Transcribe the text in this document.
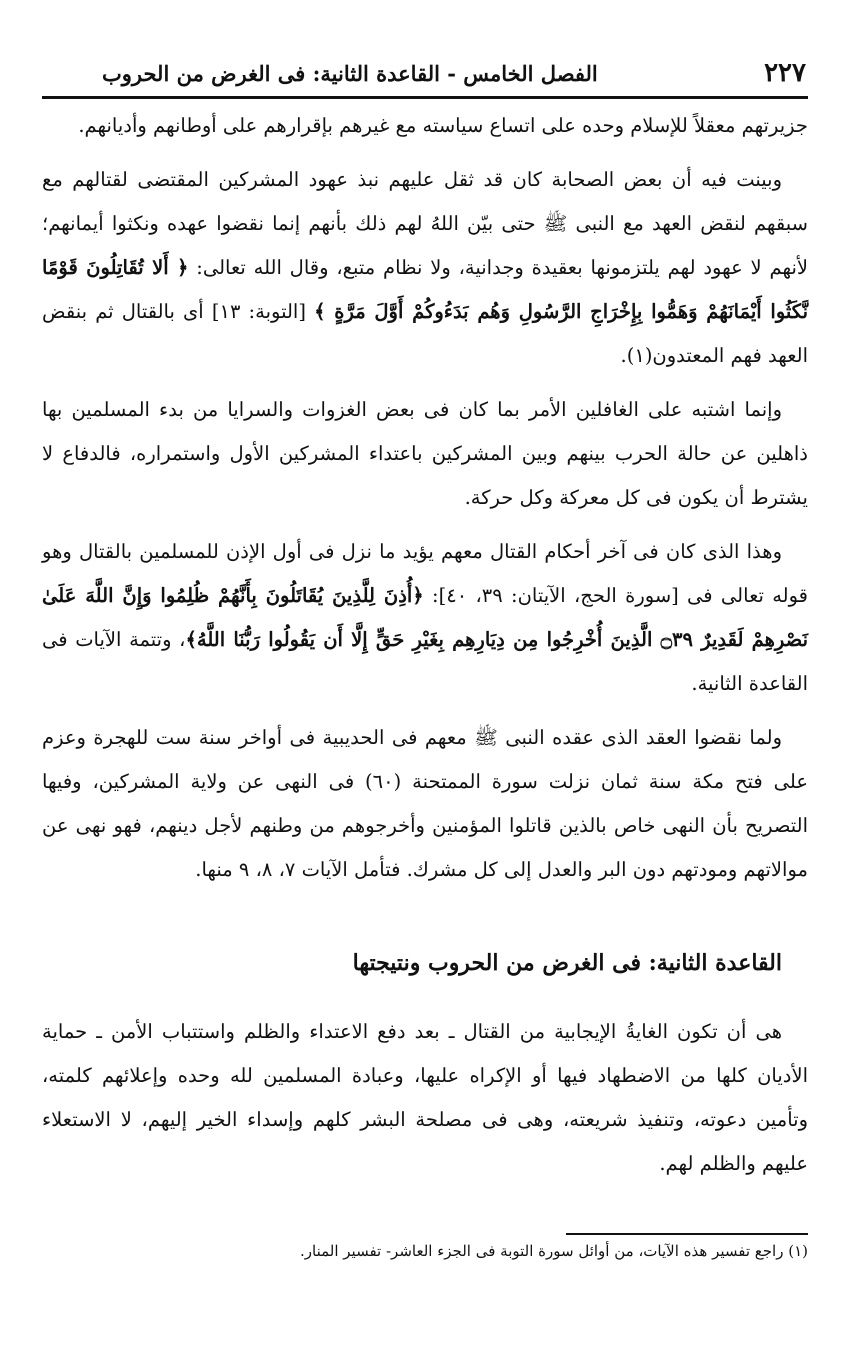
٢٢٧
الفصل الخامس - القاعدة الثانية: فى الغرض من الحروب

جزيرتهم معقلاً للإسلام وحده على اتساع سياسته مع غيرهم بإقرارهم على أوطانهم وأديانهم.

وبينت فيه أن بعض الصحابة كان قد ثقل عليهم نبذ عهود المشركين المقتضى لقتالهم مع سبقهم لنقض العهد مع النبى ﷺ حتى بيّن اللهُ لهم ذلك بأنهم إنما نقضوا عهده ونكثوا أيمانهم؛ لأنهم لا عهود لهم يلتزمونها بعقيدة وجدانية، ولا نظام متبع، وقال الله تعالى: ﴿ أَلا تُقَاتِلُونَ قَوْمًا نَّكَثُوا أَيْمَانَهُمْ وَهَمُّوا بِإِخْرَاجِ الرَّسُولِ وَهُم بَدَءُوكُمْ أَوَّلَ مَرَّةٍ ﴾ [التوبة: ١٣] أى بالقتال ثم بنقض العهد فهم المعتدون(١).

وإنما اشتبه على الغافلين الأمر بما كان فى بعض الغزوات والسرايا من بدء المسلمين بها ذاهلين عن حالة الحرب بينهم وبين المشركين باعتداء المشركين الأول واستمراره، فالدفاع لا يشترط أن يكون فى كل معركة وكل حركة.

وهذا الذى كان فى آخر أحكام القتال معهم يؤيد ما نزل فى أول الإذن للمسلمين بالقتال وهو قوله تعالى فى [سورة الحج، الآيتان: ٣٩، ٤٠]: ﴿أُذِنَ لِلَّذِينَ يُقَاتَلُونَ بِأَنَّهُمْ ظُلِمُوا وَإِنَّ اللَّهَ عَلَىٰ نَصْرِهِمْ لَقَدِيرٌ ۝٣٩ الَّذِينَ أُخْرِجُوا مِن دِيَارِهِم بِغَيْرِ حَقٍّ إِلَّا أَن يَقُولُوا رَبُّنَا اللَّهُ﴾، وتتمة الآيات فى القاعدة الثانية.

ولما نقضوا العقد الذى عقده النبى ﷺ معهم فى الحديبية فى أواخر سنة ست للهجرة وعزم على فتح مكة سنة ثمان نزلت سورة الممتحنة (٦٠) فى النهى عن ولاية المشركين، وفيها التصريح بأن النهى خاص بالذين قاتلوا المؤمنين وأخرجوهم من وطنهم لأجل دينهم، فهو نهى عن موالاتهم ومودتهم دون البر والعدل إلى كل مشرك. فتأمل الآيات ٧، ٨، ٩ منها.

القاعدة الثانية: فى الغرض من الحروب ونتيجتها

هى أن تكون الغايةُ الإيجابية من القتال ـ بعد دفع الاعتداء والظلم واستتباب الأمن ـ حماية الأديان كلها من الاضطهاد فيها أو الإكراه عليها، وعبادة المسلمين لله وحده وإعلائهم كلمته، وتأمين دعوته، وتنفيذ شريعته، وهى فى مصلحة البشر كلهم وإسداء الخير إليهم، لا الاستعلاء عليهم والظلم لهم.

(١) راجع تفسير هذه الآيات، من أوائل سورة التوبة فى الجزء العاشر- تفسير المنار.
